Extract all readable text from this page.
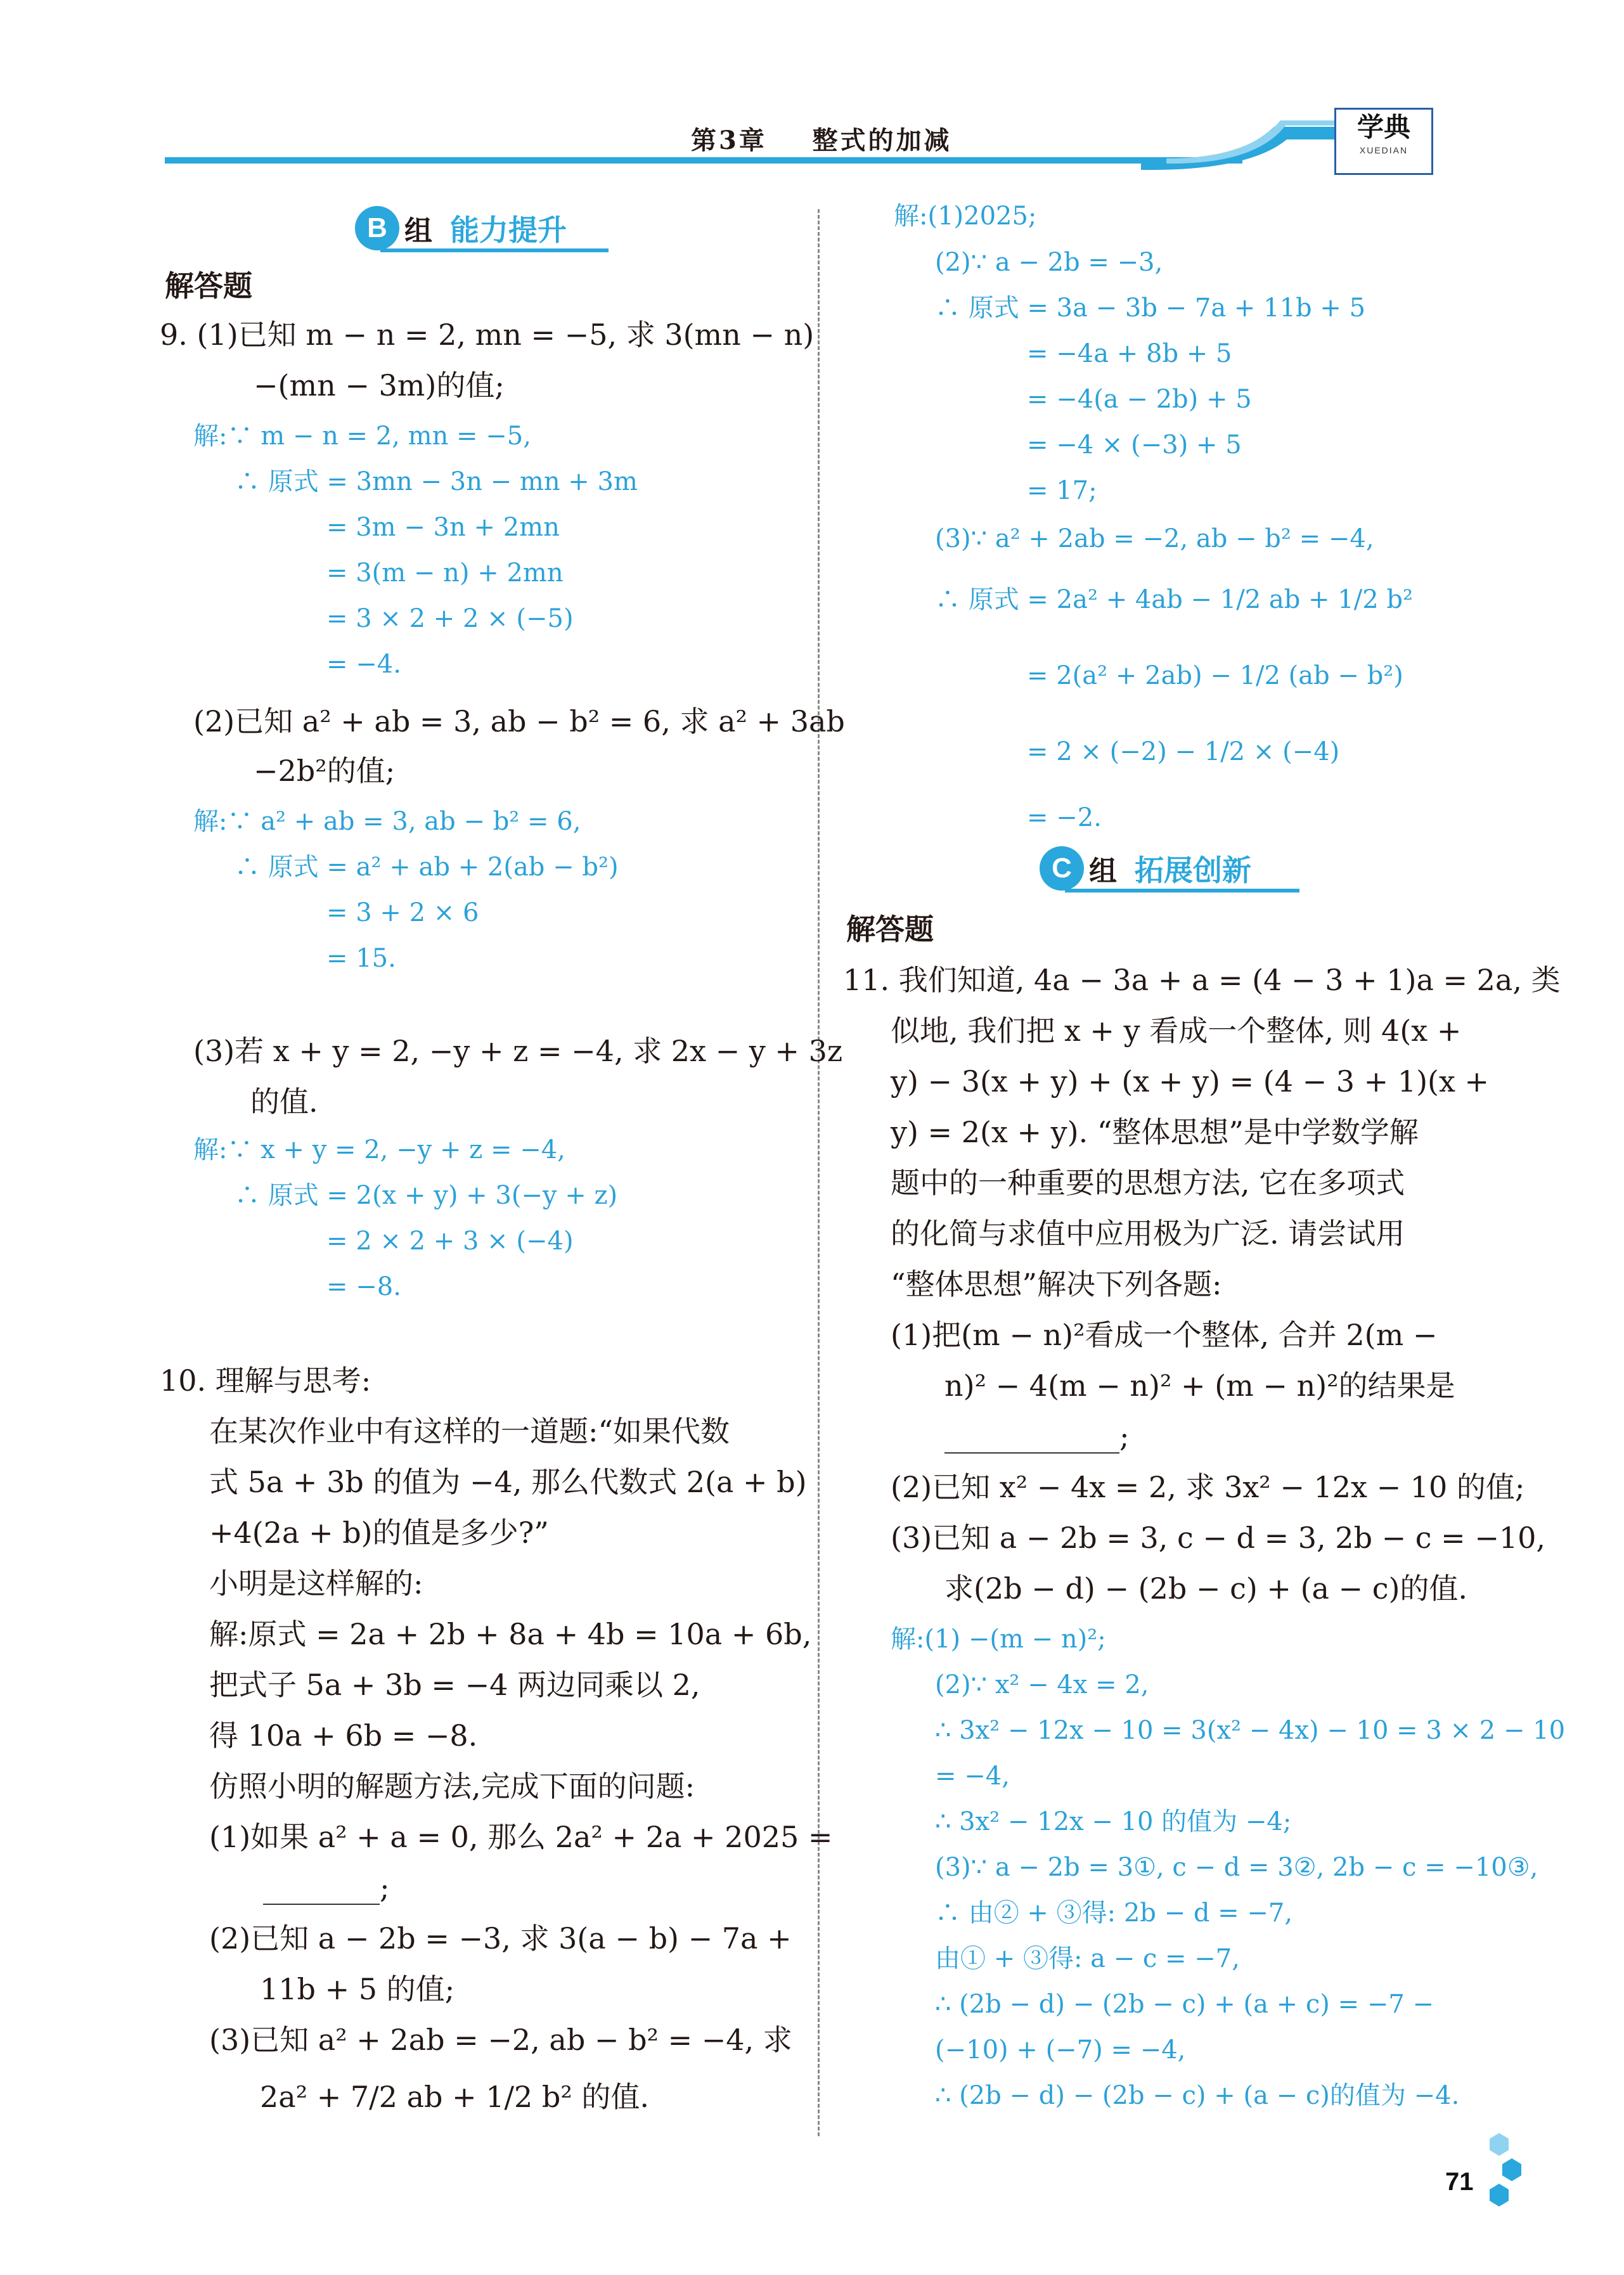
第3章 整式的加减	学典
XUEDIAN
B 组 能力提升
解答题
9. (1)已知 m − n = 2, mn = −5, 求 3(mn − n)
−(mn − 3m)的值;
解:∵ m − n = 2, mn = −5,
∴ 原式 = 3mn − 3n − mn + 3m
= 3m − 3n + 2mn
= 3(m − n) + 2mn
= 3 × 2 + 2 × (−5)
= −4.
(2)已知 a² + ab = 3, ab − b² = 6, 求 a² + 3ab
−2b²的值;
解:∵ a² + ab = 3, ab − b² = 6,
∴ 原式 = a² + ab + 2(ab − b²)
= 3 + 2 × 6
= 15.
(3)若 x + y = 2, −y + z = −4, 求 2x − y + 3z
的值.
解:∵ x + y = 2, −y + z = −4,
∴ 原式 = 2(x + y) + 3(−y + z)
= 2 × 2 + 3 × (−4)
= −8.
10. 理解与思考:
在某次作业中有这样的一道题:“如果代数
式 5a + 3b 的值为 −4, 那么代数式 2(a + b)
+4(2a + b)的值是多少?”
小明是这样解的:
解:原式 = 2a + 2b + 8a + 4b = 10a + 6b,
把式子 5a + 3b = −4 两边同乘以 2,
得 10a + 6b = −8.
仿照小明的解题方法,完成下面的问题:
(1)如果 a² + a = 0, 那么 2a² + 2a + 2025 =
________;
(2)已知 a − 2b = −3, 求 3(a − b) − 7a +
11b + 5 的值;
(3)已知 a² + 2ab = −2, ab − b² = −4, 求
2a² + 7/2 ab + 1/2 b² 的值.
解:(1)2025;
(2)∵ a − 2b = −3,
∴ 原式 = 3a − 3b − 7a + 11b + 5
= −4a + 8b + 5
= −4(a − 2b) + 5
= −4 × (−3) + 5
= 17;
(3)∵ a² + 2ab = −2, ab − b² = −4,
∴ 原式 = 2a² + 4ab − 1/2 ab + 1/2 b²
= 2(a² + 2ab) − 1/2 (ab − b²)
= 2 × (−2) − 1/2 × (−4)
= −2.
C 组 拓展创新
解答题
11. 我们知道, 4a − 3a + a = (4 − 3 + 1)a = 2a, 类
似地, 我们把 x + y 看成一个整体, 则 4(x +
y) − 3(x + y) + (x + y) = (4 − 3 + 1)(x +
y) = 2(x + y). “整体思想”是中学数学解
题中的一种重要的思想方法, 它在多项式
的化简与求值中应用极为广泛. 请尝试用
“整体思想”解决下列各题:
(1)把(m − n)²看成一个整体, 合并 2(m −
n)² − 4(m − n)² + (m − n)²的结果是
____________;
(2)已知 x² − 4x = 2, 求 3x² − 12x − 10 的值;
(3)已知 a − 2b = 3, c − d = 3, 2b − c = −10,
求(2b − d) − (2b − c) + (a − c)的值.
解:(1) −(m − n)²;
(2)∵ x² − 4x = 2,
∴ 3x² − 12x − 10 = 3(x² − 4x) − 10 = 3 × 2 − 10
= −4,
∴ 3x² − 12x − 10 的值为 −4;
(3)∵ a − 2b = 3①, c − d = 3②, 2b − c = −10③,
∴ 由② + ③得: 2b − d = −7,
由① + ③得: a − c = −7,
∴ (2b − d) − (2b − c) + (a + c) = −7 −
(−10) + (−7) = −4,
∴ (2b − d) − (2b − c) + (a − c)的值为 −4.
71
